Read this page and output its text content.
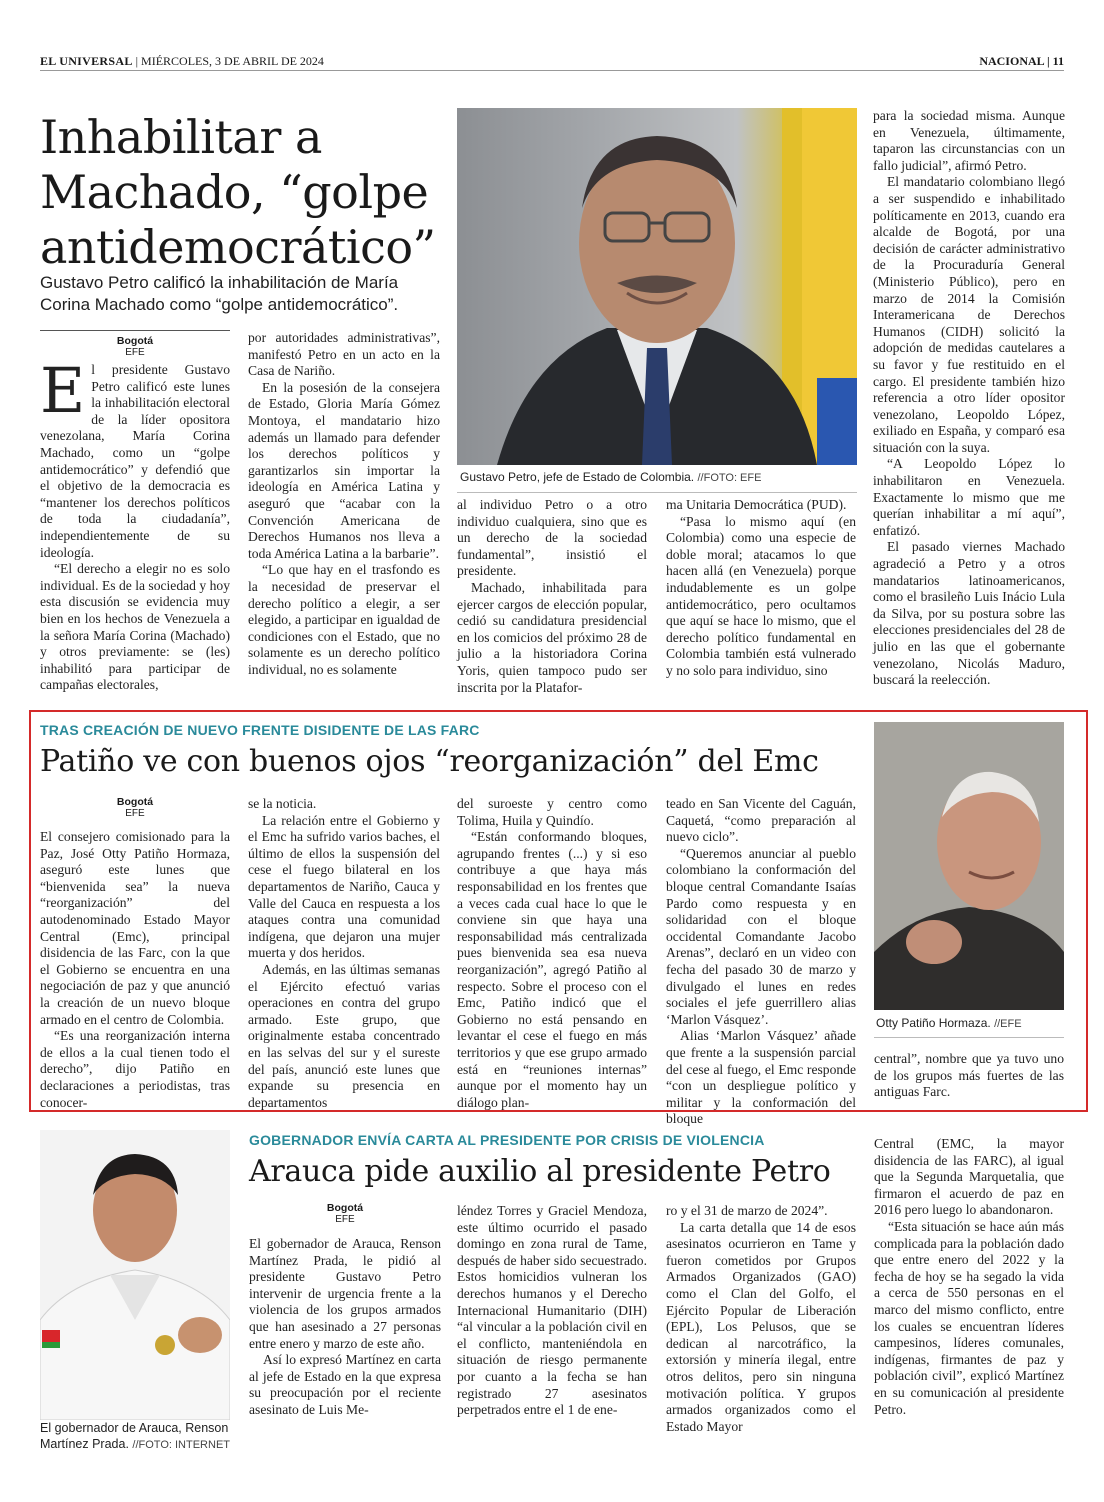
EL UNIVERSAL | MIÉRCOLES, 3 DE ABRIL DE 2024	NACIONAL | 11
Inhabilitar a
Machado, “golpe
antidemocrático”
Gustavo Petro calificó la inhabilitación de María Corina Machado como “golpe antidemocrático”.
Bogotá
EFE

El presidente Gustavo Petro calificó este lunes la inhabilitación electoral de la líder opositora venezolana, María Corina Machado, como un “golpe antidemocrático” y defendió que el objetivo de la democracia es “mantener los derechos políticos de toda la ciudadanía”, independientemente de su ideología.

“El derecho a elegir no es solo individual. Es de la sociedad y hoy esta discusión se evidencia muy bien en los hechos de Venezuela a la señora María Corina (Machado) y otros previamente: se (les) inhabilitó para participar de campañas electorales,

por autoridades administrativas”, manifestó Petro en un acto en la Casa de Nariño.

En la posesión de la consejera de Estado, Gloria María Gómez Montoya, el mandatario hizo además un llamado para defender los derechos políticos y garantizarlos sin importar la ideología en América Latina y aseguró que “acabar con la Convención Americana de Derechos Humanos nos lleva a toda América Latina a la barbarie”.

“Lo que hay en el trasfondo es la necesidad de preservar el derecho político a elegir, a ser elegido, a participar en igualdad de condiciones con el Estado, que no solamente es un derecho político individual, no es solamente

Gustavo Petro, jefe de Estado de Colombia. //FOTO: EFE

al individuo Petro o a otro individuo cualquiera, sino que es un derecho de la sociedad fundamental”, insistió el presidente.

Machado, inhabilitada para ejercer cargos de elección popular, cedió su candidatura presidencial en los comicios del próximo 28 de julio a la historiadora Corina Yoris, quien tampoco pudo ser inscrita por la Platafor-

ma Unitaria Democrática (PUD).

“Pasa lo mismo aquí (en Colombia) como una especie de doble moral; atacamos lo que hacen allá (en Venezuela) porque indudablemente es un golpe antidemocrático, pero ocultamos que aquí se hace lo mismo, que el derecho político fundamental en Colombia también está vulnerado y no solo para individuo, sino

para la sociedad misma. Aunque en Venezuela, últimamente, taparon las circunstancias con un fallo judicial”, afirmó Petro.

El mandatario colombiano llegó a ser suspendido e inhabilitado políticamente en 2013, cuando era alcalde de Bogotá, por una decisión de carácter administrativo de la Procuraduría General (Ministerio Público), pero en marzo de 2014 la Comisión Interamericana de Derechos Humanos (CIDH) solicitó la adopción de medidas cautelares a su favor y fue restituido en el cargo. El presidente también hizo referencia a otro líder opositor venezolano, Leopoldo López, exiliado en España, y comparó esa situación con la suya.

“A Leopoldo López lo inhabilitaron en Venezuela. Exactamente lo mismo que me querían inhabilitar a mí aquí”, enfatizó.

El pasado viernes Machado agradeció a Petro y a otros mandatarios latinoamericanos, como el brasileño Luis Inácio Lula da Silva, por su postura sobre las elecciones presidenciales del 28 de julio en las que el gobernante venezolano, Nicolás Maduro, buscará la reelección.

TRAS CREACIÓN DE NUEVO FRENTE DISIDENTE DE LAS FARC
Patiño ve con buenos ojos “reorganización” del Emc
Bogotá
EFE

El consejero comisionado para la Paz, José Otty Patiño Hormaza, aseguró este lunes que “bienvenida sea” la nueva “reorganización” del autodenominado Estado Mayor Central (Emc), principal disidencia de las Farc, con la que el Gobierno se encuentra en una negociación de paz y que anunció la creación de un nuevo bloque armado en el centro de Colombia.

“Es una reorganización interna de ellos a la cual tienen todo el derecho”, dijo Patiño en declaraciones a periodistas, tras conocer-

se la noticia.

La relación entre el Gobierno y el Emc ha sufrido varios baches, el último de ellos la suspensión del cese el fuego bilateral en los departamentos de Nariño, Cauca y Valle del Cauca en respuesta a los ataques contra una comunidad indígena, que dejaron una mujer muerta y dos heridos.

Además, en las últimas semanas el Ejército efectuó varias operaciones en contra del grupo armado. Este grupo, que originalmente estaba concentrado en las selvas del sur y el sureste del país, anunció este lunes que expande su presencia en departamentos

del suroeste y centro como Tolima, Huila y Quindío.

“Están conformando bloques, agrupando frentes (...) y si eso contribuye a que haya más responsabilidad en los frentes que a veces cada cual hace lo que le conviene sin que haya una responsabilidad más centralizada pues bienvenida sea esa nueva reorganización”, agregó Patiño al respecto. Sobre el proceso con el Emc, Patiño indicó que el Gobierno no está pensando en levantar el cese el fuego en más territorios y que ese grupo armado está en “reuniones internas” aunque por el momento hay un diálogo plan-

teado en San Vicente del Caguán, Caquetá, “como preparación al nuevo ciclo”.

“Queremos anunciar al pueblo colombiano la conformación del bloque central Comandante Isaías Pardo como respuesta y en solidaridad con el bloque occidental Comandante Jacobo Arenas”, declaró en un video con fecha del pasado 30 de marzo y divulgado el lunes en redes sociales el jefe guerrillero alias ‘Marlon Vásquez’.

Alias ‘Marlon Vásquez’ añade que frente a la suspensión parcial del cese al fuego, el Emc responde “con un despliegue político y militar y la conformación del bloque

Otty Patiño Hormaza. //EFE

central”, nombre que ya tuvo uno de los grupos más fuertes de las antiguas Farc.

El gobernador de Arauca, Renson
Martínez Prada. //FOTO: INTERNET
GOBERNADOR ENVÍA CARTA AL PRESIDENTE POR CRISIS DE VIOLENCIA
Arauca pide auxilio al presidente Petro
Bogotá
EFE

El gobernador de Arauca, Renson Martínez Prada, le pidió al presidente Gustavo Petro intervenir de urgencia frente a la violencia de los grupos armados que han asesinado a 27 personas entre enero y marzo de este año.

Así lo expresó Martínez en carta al jefe de Estado en la que expresa su preocupación por el reciente asesinato de Luis Me-

léndez Torres y Graciel Mendoza, este último ocurrido el pasado domingo en zona rural de Tame, después de haber sido secuestrado. Estos homicidios vulneran los derechos humanos y el Derecho Internacional Humanitario (DIH) “al vincular a la población civil en el conflicto, manteniéndola en situación de riesgo permanente por cuanto a la fecha se han registrado 27 asesinatos perpetrados entre el 1 de ene-

ro y el 31 de marzo de 2024”.

La carta detalla que 14 de esos asesinatos ocurrieron en Tame y fueron cometidos por Grupos Armados Organizados (GAO) como el Clan del Golfo, el Ejército Popular de Liberación (EPL), Los Pelusos, que se dedican al narcotráfico, la extorsión y minería ilegal, entre otros delitos, pero sin ninguna motivación política. Y grupos armados organizados como el Estado Mayor

Central (EMC, la mayor disidencia de las FARC), al igual que la Segunda Marquetalia, que firmaron el acuerdo de paz en 2016 pero luego lo abandonaron.

“Esta situación se hace aún más complicada para la población dado que entre enero del 2022 y la fecha de hoy se ha segado la vida a cerca de 550 personas en el marco del mismo conflicto, entre los cuales se encuentran líderes campesinos, líderes comunales, indígenas, firmantes de paz y población civil”, explicó Martínez en su comunicación al presidente Petro.
